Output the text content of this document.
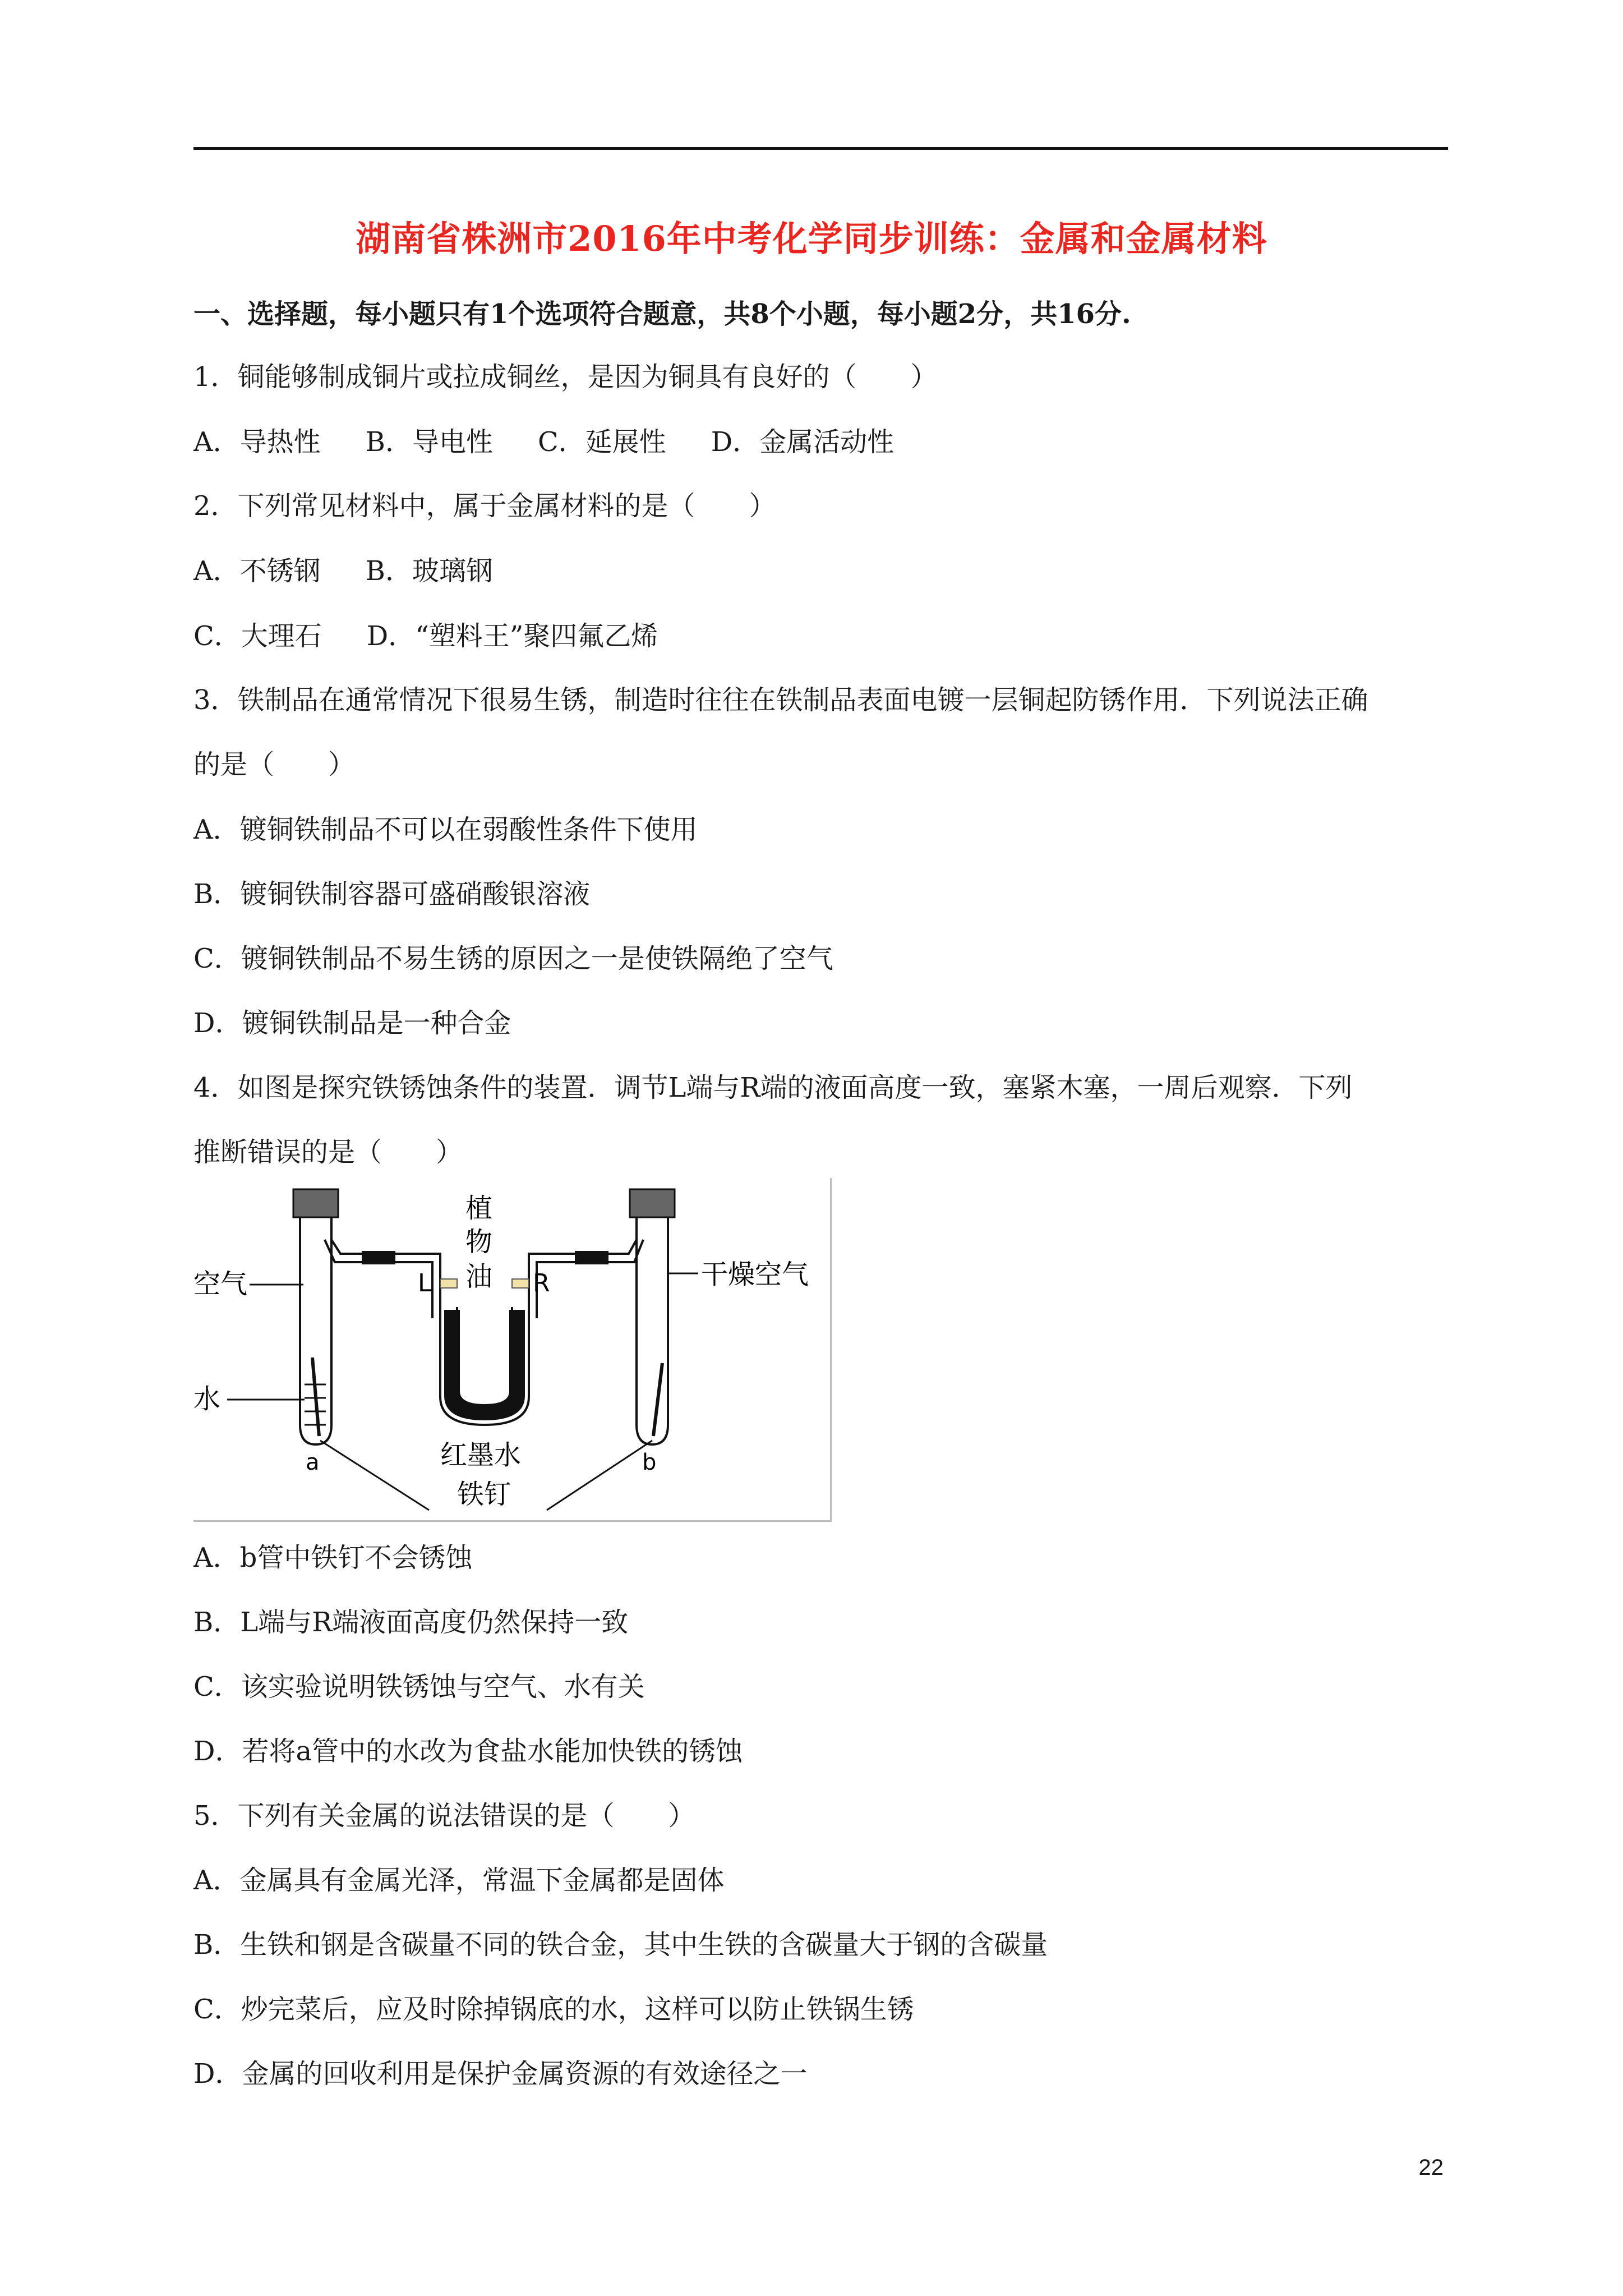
湖南省株洲市2016年中考化学同步训练：金属和金属材料
一、选择题，每小题只有1个选项符合题意，共8个小题，每小题2分，共16分.
1．铜能够制成铜片或拉成铜丝，是因为铜具有良好的（　　）
A．导热性 B．导电性 C．延展性 D．金属活动性
2．下列常见材料中，属于金属材料的是（　　）
A．不锈钢 B．玻璃钢
C．大理石 D．“塑料王”聚四氟乙烯
3．铁制品在通常情况下很易生锈，制造时往往在铁制品表面电镀一层铜起防锈作用．下列说法正确
的是（　　）
A．镀铜铁制品不可以在弱酸性条件下使用
B．镀铜铁制容器可盛硝酸银溶液
C．镀铜铁制品不易生锈的原因之一是使铁隔绝了空气
D．镀铜铁制品是一种合金
4．如图是探究铁锈蚀条件的装置．调节L端与R端的液面高度一致，塞紧木塞，一周后观察．下列
推断错误的是（　　）
空气
水
植
物
油
L	R	干燥空气
红墨水
铁钉
a	b
A．b管中铁钉不会锈蚀
B．L端与R端液面高度仍然保持一致
C．该实验说明铁锈蚀与空气、水有关
D．若将a管中的水改为食盐水能加快铁的锈蚀
5．下列有关金属的说法错误的是（　　）
A．金属具有金属光泽，常温下金属都是固体
B．生铁和钢是含碳量不同的铁合金，其中生铁的含碳量大于钢的含碳量
C．炒完菜后，应及时除掉锅底的水，这样可以防止铁锅生锈
D．金属的回收利用是保护金属资源的有效途径之一
22
